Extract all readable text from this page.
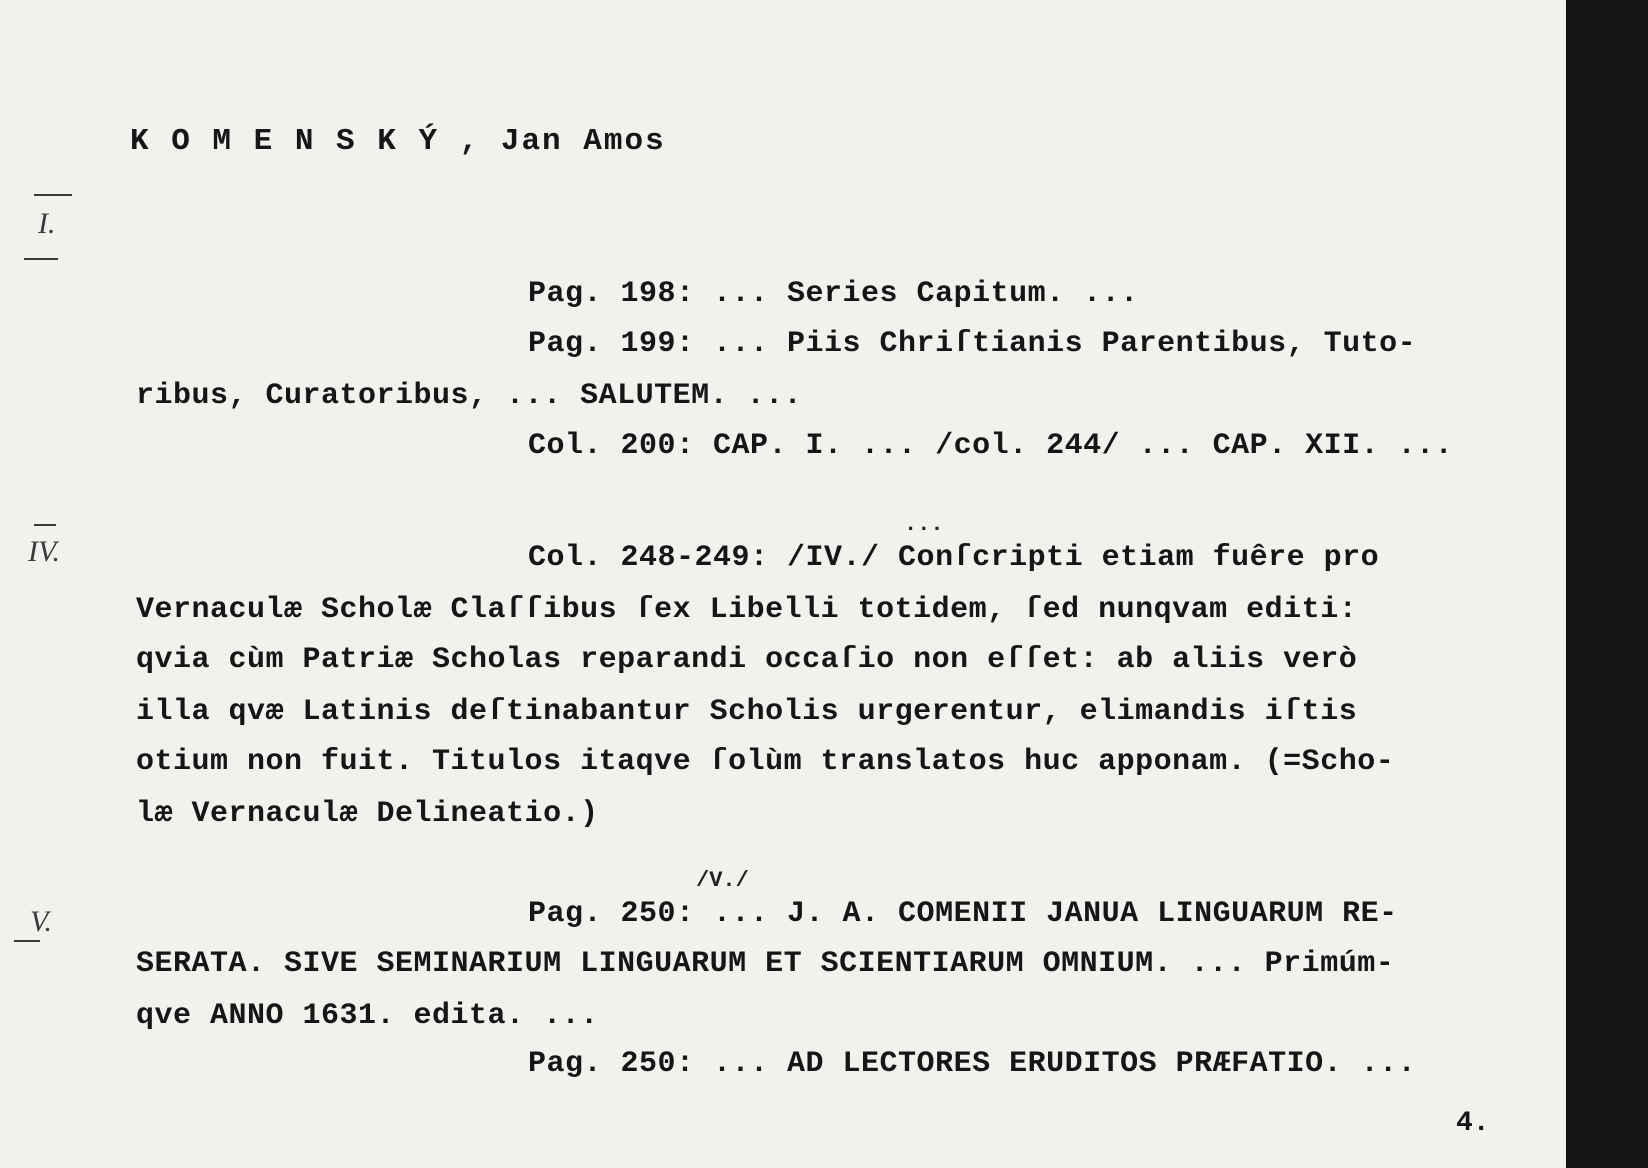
K O M E N S K Ý , Jan Amos
I.
Pag. 198: ... Series Capitum. ...
Pag. 199: ... Piis Chriſtianis Parentibus, Tuto-
ribus, Curatoribus, ... SALUTEM. ...
Col. 200: CAP. I. ... /col. 244/ ... CAP. XII. ...
IV.
...
Col. 248-249: /IV./ Conſcripti etiam fuêre pro
Vernaculæ Scholæ Claſſibus ſex Libelli totidem, ſed nunqvam editi:
qvia cùm Patriæ Scholas reparandi occaſio non eſſet: ab aliis verò
illa qvæ Latinis deſtinabantur Scholis urgerentur, elimandis iſtis
otium non fuit. Titulos itaqve ſolùm translatos huc apponam. (=Scho-
læ Vernaculæ Delineatio.)
V.
/V./
Pag. 250: ... J. A. COMENII JANUA LINGUARUM RE-
SERATA. SIVE SEMINARIUM LINGUARUM ET SCIENTIARUM OMNIUM. ... Primúm-
qve ANNO 1631. edita. ...
Pag. 250: ... AD LECTORES ERUDITOS PRÆFATIO. ...
4.
